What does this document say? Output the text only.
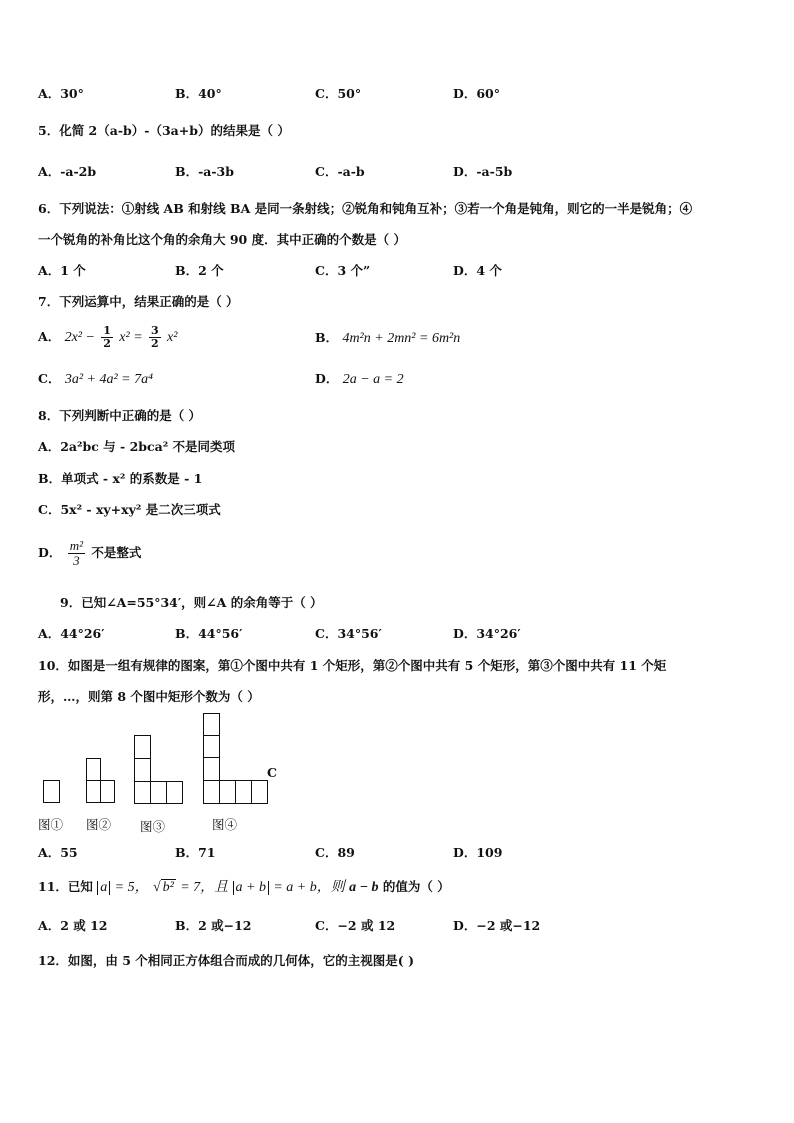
A．30°	B．40°	C．50°	D．60°
5．化简 2（a-b）-（3a+b）的结果是（ ）
A．-a-2b	B．-a-3b	C．-a-b	D．-a-5b
6．下列说法：①射线 AB 和射线 BA 是同一条射线；②锐角和钝角互补；③若一个角是钝角，则它的一半是锐角；④
一个锐角的补角比这个角的余角大 90 度．其中正确的个数是（ ）
A．1 个	B．2 个	C．3 个”	D．4 个
7．下列运算中，结果正确的是（ ）
A． $2x^2 - \frac{1}{2} x^2 = \frac{3}{2} x^2$	B． 4m²n + 2mn² = 6m²n
C． 3a² + 4a² = 7a⁴	D． 2a − a = 2
8．下列判断中正确的是（ ）
A．2a²bc 与 - 2bca² 不是同类项
B．单项式 - x² 的系数是 - 1
C．5x² - xy+xy² 是二次三项式
D． $\frac{\text{m²}}{3}$ 不是整式
9．已知∠A=55°34′，则∠A 的余角等于（ ）
A．44°26′	B．44°56′	C．34°56′	D．34°26′
10．如图是一组有规律的图案，第①个图中共有 1 个矩形，第②个图中共有 5 个矩形，第③个图中共有 11 个矩
形，…，则第 8 个图中矩形个数为（ ）
C
图① 图② 图③	图④
A．55	B．71	C．89	D．109
11．已知 a = 5， √ b² = 7，且 a + b = a + b，则 a − b 的值为（ ）
A．2 或 12	B．2 或−12	C．−2 或 12	D．−2 或−12
12．如图，由 5 个相同正方体组合而成的几何体，它的主视图是( )
